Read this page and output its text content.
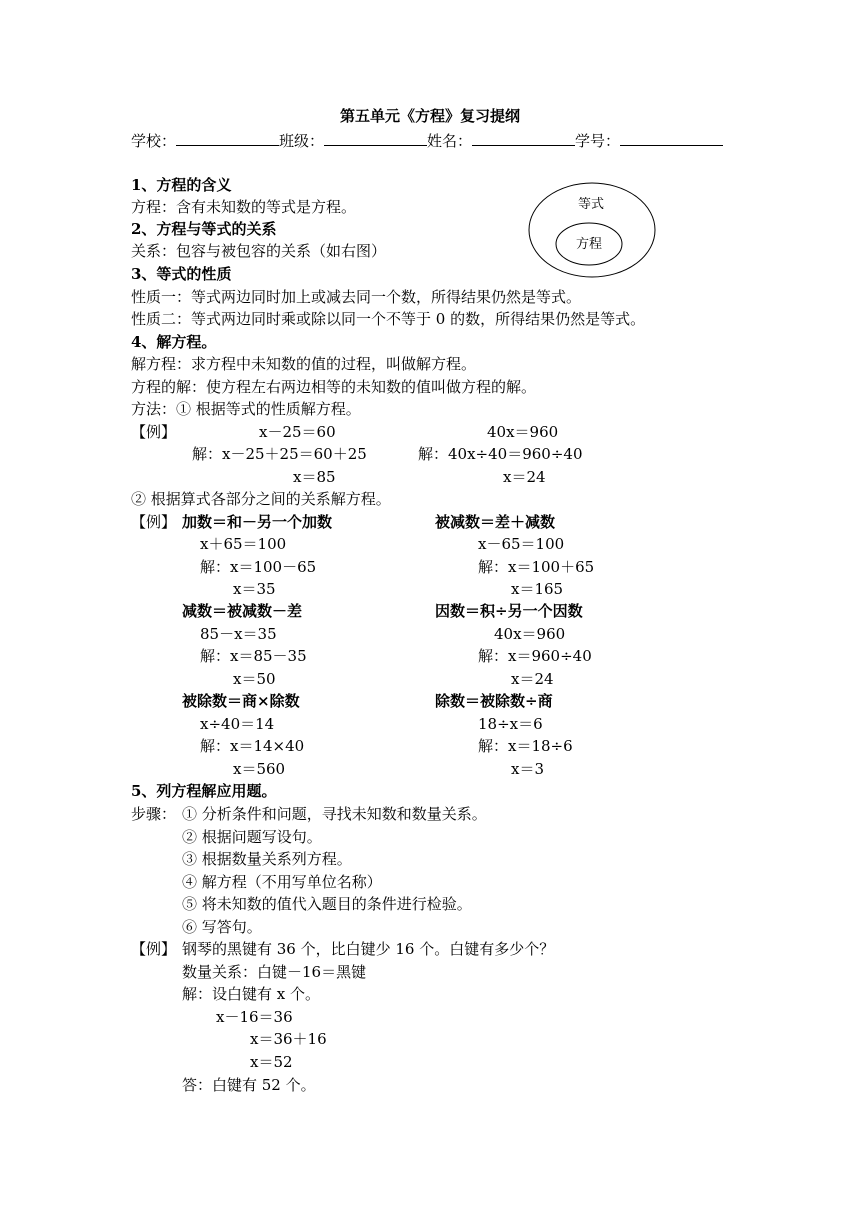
第五单元《方程》复习提纲
学校：	班级：	姓名：	学号：
1、方程的含义
方程：含有未知数的等式是方程。
2、方程与等式的关系
关系：包容与被包容的关系（如右图）
等式
方程
3、等式的性质
性质一：等式两边同时加上或减去同一个数，所得结果仍然是等式。
性质二：等式两边同时乘或除以同一个不等于 0 的数，所得结果仍然是等式。
4、解方程。
解方程：求方程中未知数的值的过程，叫做解方程。
方程的解：使方程左右两边相等的未知数的值叫做方程的解。
方法：① 根据等式的性质解方程。
【例】	x－25＝60
解：x－25＋25＝60＋25
x＝85
40x＝960
解：40x÷40＝960÷40
x＝24
② 根据算式各部分之间的关系解方程。
【例】 加数＝和－另一个加数
x＋65＝100
解：x＝100－65
x＝35
减数＝被减数－差
85－x＝35
解：x＝85－35
x＝50
被除数＝商×除数
x÷40＝14
解：x＝14×40
x＝560
被减数＝差＋减数
x－65＝100
解：x＝100＋65
x＝165
因数＝积÷另一个因数
40x＝960
解：x＝960÷40
x＝24
除数＝被除数÷商
18÷x＝6
解：x＝18÷6
x＝3
5、列方程解应用题。
步骤： ① 分析条件和问题，寻找未知数和数量关系。
② 根据问题写设句。
③ 根据数量关系列方程。
④ 解方程（不用写单位名称）
⑤ 将未知数的值代入题目的条件进行检验。
⑥ 写答句。
【例】 钢琴的黑键有 36 个，比白键少 16 个。白键有多少个？
数量关系：白键－16＝黑键
解：设白键有 x 个。
x－16＝36
x＝36＋16
x＝52
答：白键有 52 个。
